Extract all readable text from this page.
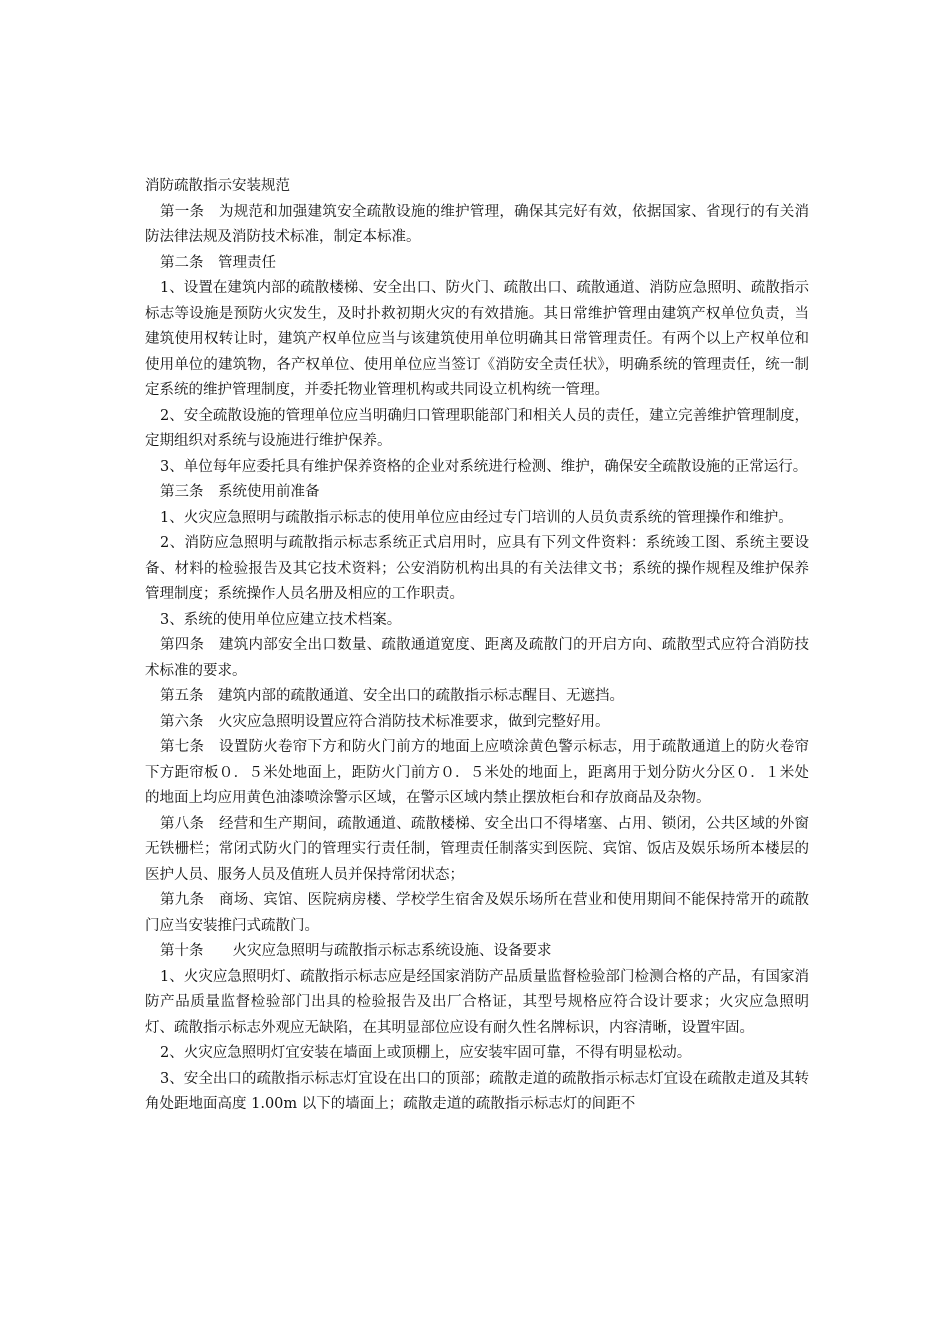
消防疏散指示安装规范

第一条　为规范和加强建筑安全疏散设施的维护管理，确保其完好有效，依据国家、省现行的有关消防法律法规及消防技术标准，制定本标准。

第二条　管理责任

1、设置在建筑内部的疏散楼梯、安全出口、防火门、疏散出口、疏散通道、消防应急照明、疏散指示标志等设施是预防火灾发生，及时扑救初期火灾的有效措施。其日常维护管理由建筑产权单位负责，当建筑使用权转让时，建筑产权单位应当与该建筑使用单位明确其日常管理责任。有两个以上产权单位和使用单位的建筑物，各产权单位、使用单位应当签订《消防安全责任状》，明确系统的管理责任，统一制定系统的维护管理制度，并委托物业管理机构或共同设立机构统一管理。

2、安全疏散设施的管理单位应当明确归口管理职能部门和相关人员的责任，建立完善维护管理制度，定期组织对系统与设施进行维护保养。

3、单位每年应委托具有维护保养资格的企业对系统进行检测、维护，确保安全疏散设施的正常运行。

第三条　系统使用前准备

1、火灾应急照明与疏散指示标志的使用单位应由经过专门培训的人员负责系统的管理操作和维护。

2、消防应急照明与疏散指示标志系统正式启用时，应具有下列文件资料：系统竣工图、系统主要设备、材料的检验报告及其它技术资料；公安消防机构出具的有关法律文书；系统的操作规程及维护保养管理制度；系统操作人员名册及相应的工作职责。

3、系统的使用单位应建立技术档案。

第四条　建筑内部安全出口数量、疏散通道宽度、距离及疏散门的开启方向、疏散型式应符合消防技术标准的要求。

第五条　建筑内部的疏散通道、安全出口的疏散指示标志醒目、无遮挡。

第六条　火灾应急照明设置应符合消防技术标准要求，做到完整好用。

第七条　设置防火卷帘下方和防火门前方的地面上应喷涂黄色警示标志，用于疏散通道上的防火卷帘下方距帘板０．５米处地面上，距防火门前方０．５米处的地面上，距离用于划分防火分区０．１米处的地面上均应用黄色油漆喷涂警示区域，在警示区域内禁止摆放柜台和存放商品及杂物。

第八条　经营和生产期间，疏散通道、疏散楼梯、安全出口不得堵塞、占用、锁闭，公共区域的外窗无铁栅栏；常闭式防火门的管理实行责任制，管理责任制落实到医院、宾馆、饭店及娱乐场所本楼层的医护人员、服务人员及值班人员并保持常闭状态；

第九条　商场、宾馆、医院病房楼、学校学生宿舍及娱乐场所在营业和使用期间不能保持常开的疏散门应当安装推闩式疏散门。

第十条　　火灾应急照明与疏散指示标志系统设施、设备要求

1、火灾应急照明灯、疏散指示标志应是经国家消防产品质量监督检验部门检测合格的产品，有国家消防产品质量监督检验部门出具的检验报告及出厂合格证，其型号规格应符合设计要求；火灾应急照明灯、疏散指示标志外观应无缺陷，在其明显部位应设有耐久性名牌标识，内容清晰，设置牢固。

2、火灾应急照明灯宜安装在墙面上或顶棚上，应安装牢固可靠，不得有明显松动。

3、安全出口的疏散指示标志灯宜设在出口的顶部；疏散走道的疏散指示标志灯宜设在疏散走道及其转角处距地面高度 1.00m 以下的墙面上；疏散走道的疏散指示标志灯的间距不
